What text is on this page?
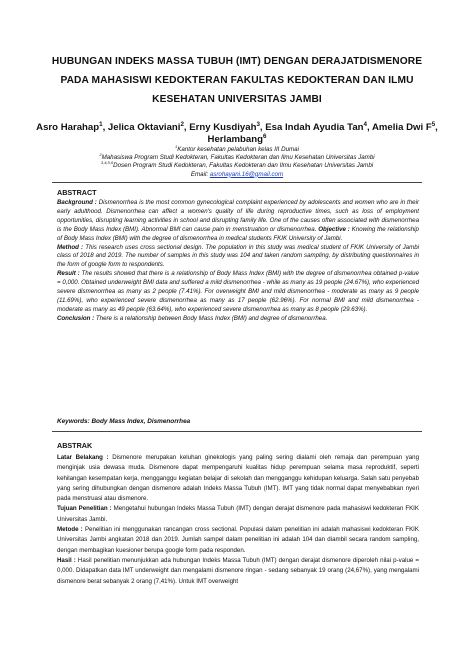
HUBUNGAN INDEKS MASSA TUBUH (IMT) DENGAN DERAJATDISMENORE
PADA MAHASISWI KEDOKTERAN FAKULTAS KEDOKTERAN DAN ILMU
KESEHATAN UNIVERSITAS JAMBI
Asro Harahap$^1$, Jelica Oktaviani$^2$, Erny Kusdiyah$^3$, Esa Indah Ayudia Tan$^4$, Amelia Dwi $F^5$, Herlambang$^6$
$^1$Kantor kesehatan pelabuhan kelas III Dumai
$^2$Mahasiswa Program Studi Kedokteran, Fakultas Kedokteran dan Ilmu Kesehatan Universitas Jambi
$^{3,4,5,6}$Dosen Program Studi Kedokteran, Fakultas Kedokteran dan Ilmu Kesehatan Universitas Jambi
Email: asrohayani.16@gmail.com
ABSTRACT

Background : Dismenorrhea is the most common gynecological complaint experienced by adolescents and women who are in their early adulthood. Dismenorrhea can affect a women's quality of life during reproductive times, such as loss of employment opportunities, disrupting learning activities in school and disrupting family life. One of the causes often associated with dismenorrhea is the Body Mass Index (BMI). Abnormal BMI can cause pain in menstruation or dismenorrhea. Objective : Knowing the relationship of Body Mass Index (BMI) with the degree of dismenorrhea in medical students FKIK University of Jambi.

Method : This research uses cross sectional design. The population in this study was medical student of FKIK University of Jambi class of 2018 and 2019. The number of samples in this study was 104 and taken random sampling, by distributing questionnaires in the form of google form to respondents.

Result : The results showed that there is a relationship of Body Mass Index (BMI) with the degree of dismenorrhea obtained p-value = 0,000. Obtained underweight BMI data and suffered a mild dismenorrhea - while as many as 19 people (24.67%), who experienced severe dismenorrhea as many as 2 people (7.41%). For overweight BMI and mild dismenorrhea - moderate as many as 9 people (11.69%), who experienced severe dismenorrhea as many as 17 people (62.96%). For normal BMI and mild dismenorrhea - moderate as many as 49 people (63.64%), who experienced severe dismenorrhea as many as 8 people (29.63%).

Conclusion : There is a relationship between Body Mass Index (BMI) and degree of dismenorrhea.

Keywords: Body Mass Index, Dismenorrhea
ABSTRAK

Latar Belakang : Dismenore merupakan keluhan ginekologis yang paling sering dialami oleh remaja dan perempuan yang menginjak usia dewasa muda. Dismenore dapat mempengaruhi kualitas hidup perempuan selama masa reproduktif, seperti kehilangan kesempatan kerja, mengganggu kegiatan belajar di sekolah dan mengganggu kehidupan keluarga. Salah satu penyebab yang sering dihubungkan dengan dismenore adalah Indeks Massa Tubuh (IMT). IMT yang tidak normal dapat menyebabkan nyeri pada menstruasi atau dismenore.

Tujuan Penelitian : Mengetahui hubungan Indeks Massa Tubuh (IMT) dengan derajat dismenore pada mahasiswi kedokteran FKIK Universitas Jambi.

Metode : Penelitian ini menggunakan rancangan cross sectional. Populasi dalam penelitian ini adalah mahasiswi kedokteran FKIK Universitas Jambi angkatan 2018 dan 2019. Jumlah sampel dalam penelitian ini adalah 104 dan diambil secara random sampling, dengan membagikan kuesioner berupa google form pada responden.

Hasil : Hasil penelitian menunjukkan ada hubungan Indeks Massa Tubuh (IMT) dengan derajat dismenore diperoleh nilai p-value = 0,000. Didapatkan data IMT underweight dan mengalami dismenore ringan - sedang sebanyak 19 orang (24,67%), yang mengalami dismenore berat sebanyak 2 orang (7,41%). Untuk IMT overweight
